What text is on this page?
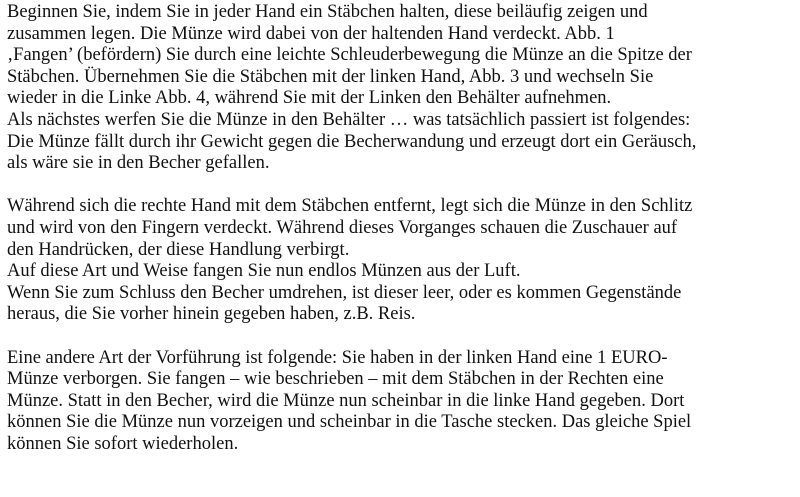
Beginnen Sie, indem Sie in jeder Hand ein Stäbchen halten, diese beiläufig zeigen und
zusammen legen. Die Münze wird dabei von der haltenden Hand verdeckt. Abb. 1
‚Fangen’ (befördern) Sie durch eine leichte Schleuderbewegung die Münze an die Spitze der
Stäbchen. Übernehmen Sie die Stäbchen mit der linken Hand, Abb. 3 und wechseln Sie
wieder in die Linke Abb. 4, während Sie mit der Linken den Behälter aufnehmen.
Als nächstes werfen Sie die Münze in den Behälter … was tatsächlich passiert ist folgendes:
Die Münze fällt durch ihr Gewicht gegen die Becherwandung und erzeugt dort ein Geräusch,
als wäre sie in den Becher gefallen.

Während sich die rechte Hand mit dem Stäbchen entfernt, legt sich die Münze in den Schlitz
und wird von den Fingern verdeckt. Während dieses Vorganges schauen die Zuschauer auf
den Handrücken, der diese Handlung verbirgt.
Auf diese Art und Weise fangen Sie nun endlos Münzen aus der Luft.
Wenn Sie zum Schluss den Becher umdrehen, ist dieser leer, oder es kommen Gegenstände
heraus, die Sie vorher hinein gegeben haben, z.B. Reis.

Eine andere Art der Vorführung ist folgende: Sie haben in der linken Hand eine 1 EURO-
Münze verborgen. Sie fangen – wie beschrieben – mit dem Stäbchen in der Rechten eine
Münze. Statt in den Becher, wird die Münze nun scheinbar in die linke Hand gegeben. Dort
können Sie die Münze nun vorzeigen und scheinbar in die Tasche stecken. Das gleiche Spiel
können Sie sofort wiederholen.
